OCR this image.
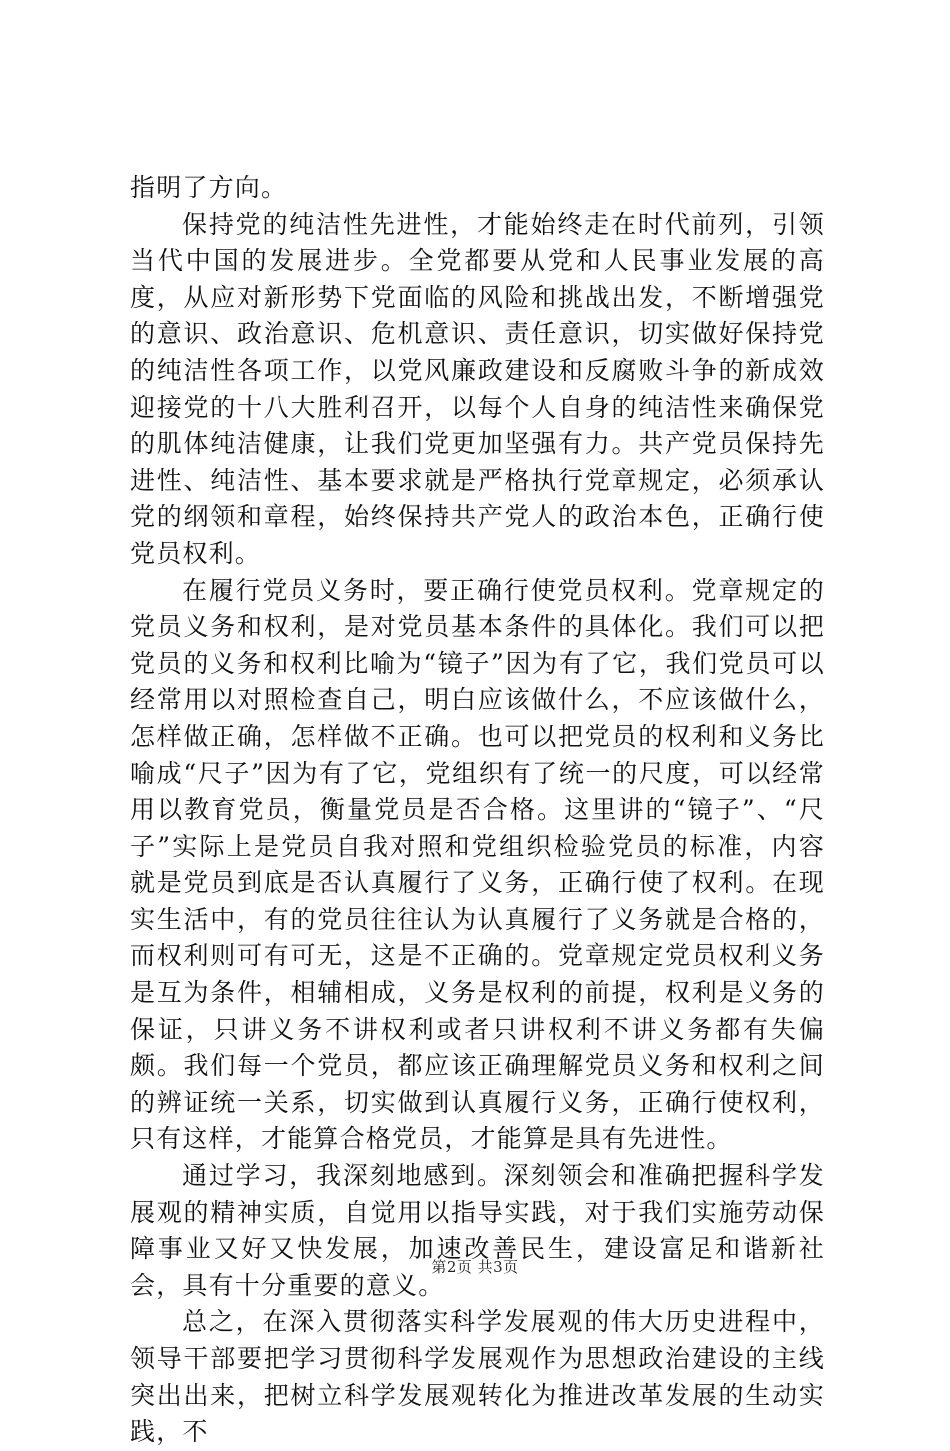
指明了方向。

保持党的纯洁性先进性，才能始终走在时代前列，引领当代中国的发展进步。全党都要从党和人民事业发展的高度，从应对新形势下党面临的风险和挑战出发，不断增强党的意识、政治意识、危机意识、责任意识，切实做好保持党的纯洁性各项工作，以党风廉政建设和反腐败斗争的新成效迎接党的十八大胜利召开，以每个人自身的纯洁性来确保党的肌体纯洁健康，让我们党更加坚强有力。共产党员保持先进性、纯洁性、基本要求就是严格执行党章规定，必须承认党的纲领和章程，始终保持共产党人的政治本色，正确行使党员权利。

在履行党员义务时，要正确行使党员权利。党章规定的党员义务和权利，是对党员基本条件的具体化。我们可以把党员的义务和权利比喻为“镜子”因为有了它，我们党员可以经常用以对照检查自己，明白应该做什么，不应该做什么，怎样做正确，怎样做不正确。也可以把党员的权利和义务比喻成“尺子”因为有了它，党组织有了统一的尺度，可以经常用以教育党员，衡量党员是否合格。这里讲的“镜子”、“尺子”实际上是党员自我对照和党组织检验党员的标准，内容就是党员到底是否认真履行了义务，正确行使了权利。在现实生活中，有的党员往往认为认真履行了义务就是合格的，而权利则可有可无，这是不正确的。党章规定党员权利义务是互为条件，相辅相成，义务是权利的前提，权利是义务的保证，只讲义务不讲权利或者只讲权利不讲义务都有失偏颇。我们每一个党员，都应该正确理解党员义务和权利之间的辨证统一关系，切实做到认真履行义务，正确行使权利，只有这样，才能算合格党员，才能算是具有先进性。

通过学习，我深刻地感到。深刻领会和准确把握科学发展观的精神实质，自觉用以指导实践，对于我们实施劳动保障事业又好又快发展，加速改善民生，建设富足和谐新社会，具有十分重要的意义。

总之，在深入贯彻落实科学发展观的伟大历史进程中，领导干部要把学习贯彻科学发展观作为思想政治建设的主线突出出来，把树立科学发展观转化为推进改革发展的生动实践，不

第2页 共3页
